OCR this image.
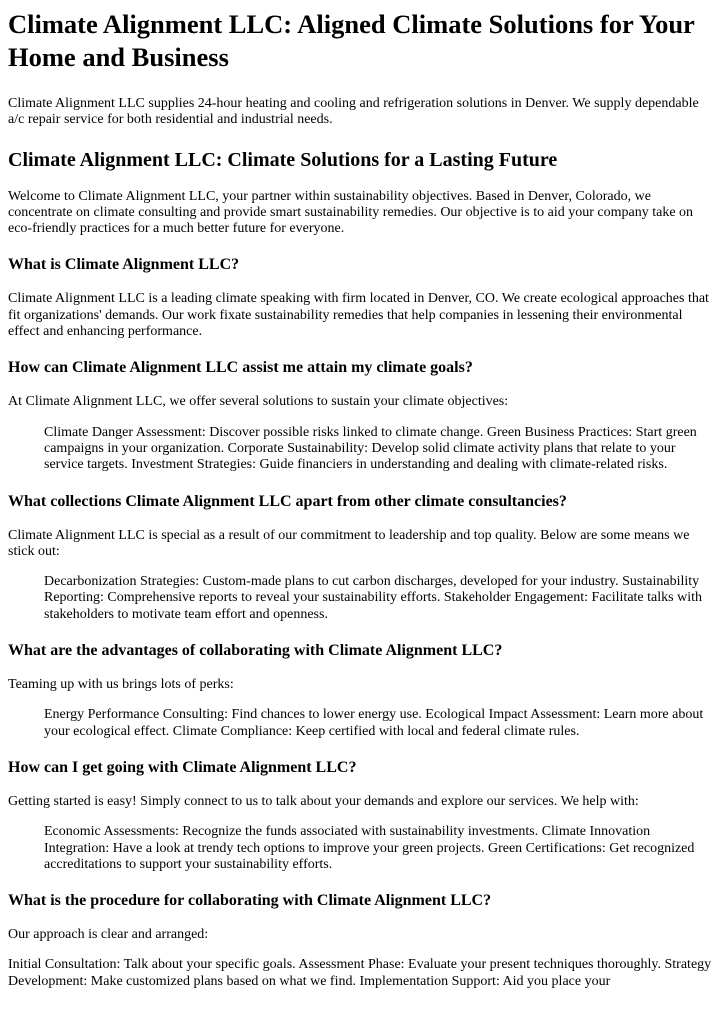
Climate Alignment LLC: Aligned Climate Solutions for Your Home and Business

Climate Alignment LLC supplies 24-hour heating and cooling and refrigeration solutions in Denver. We supply dependable a/c repair service for both residential and industrial needs.

Climate Alignment LLC: Climate Solutions for a Lasting Future

Welcome to Climate Alignment LLC, your partner within sustainability objectives. Based in Denver, Colorado, we concentrate on climate consulting and provide smart sustainability remedies. Our objective is to aid your company take on eco-friendly practices for a much better future for everyone.

What is Climate Alignment LLC?

Climate Alignment LLC is a leading climate speaking with firm located in Denver, CO. We create ecological approaches that fit organizations' demands. Our work fixate sustainability remedies that help companies in lessening their environmental effect and enhancing performance.

How can Climate Alignment LLC assist me attain my climate goals?

At Climate Alignment LLC, we offer several solutions to sustain your climate objectives:

Climate Danger Assessment: Discover possible risks linked to climate change. Green Business Practices: Start green campaigns in your organization. Corporate Sustainability: Develop solid climate activity plans that relate to your service targets. Investment Strategies: Guide financiers in understanding and dealing with climate-related risks.
What collections Climate Alignment LLC apart from other climate consultancies?

Climate Alignment LLC is special as a result of our commitment to leadership and top quality. Below are some means we stick out:

Decarbonization Strategies: Custom-made plans to cut carbon discharges, developed for your industry. Sustainability Reporting: Comprehensive reports to reveal your sustainability efforts. Stakeholder Engagement: Facilitate talks with stakeholders to motivate team effort and openness.
What are the advantages of collaborating with Climate Alignment LLC?

Teaming up with us brings lots of perks:

Energy Performance Consulting: Find chances to lower energy use. Ecological Impact Assessment: Learn more about your ecological effect. Climate Compliance: Keep certified with local and federal climate rules.
How can I get going with Climate Alignment LLC?

Getting started is easy! Simply connect to us to talk about your demands and explore our services. We help with:

Economic Assessments: Recognize the funds associated with sustainability investments. Climate Innovation Integration: Have a look at trendy tech options to improve your green projects. Green Certifications: Get recognized accreditations to support your sustainability efforts.
What is the procedure for collaborating with Climate Alignment LLC?

Our approach is clear and arranged:

Initial Consultation: Talk about your specific goals. Assessment Phase: Evaluate your present techniques thoroughly. Strategy Development: Make customized plans based on what we find. Implementation Support: Aid you place your
